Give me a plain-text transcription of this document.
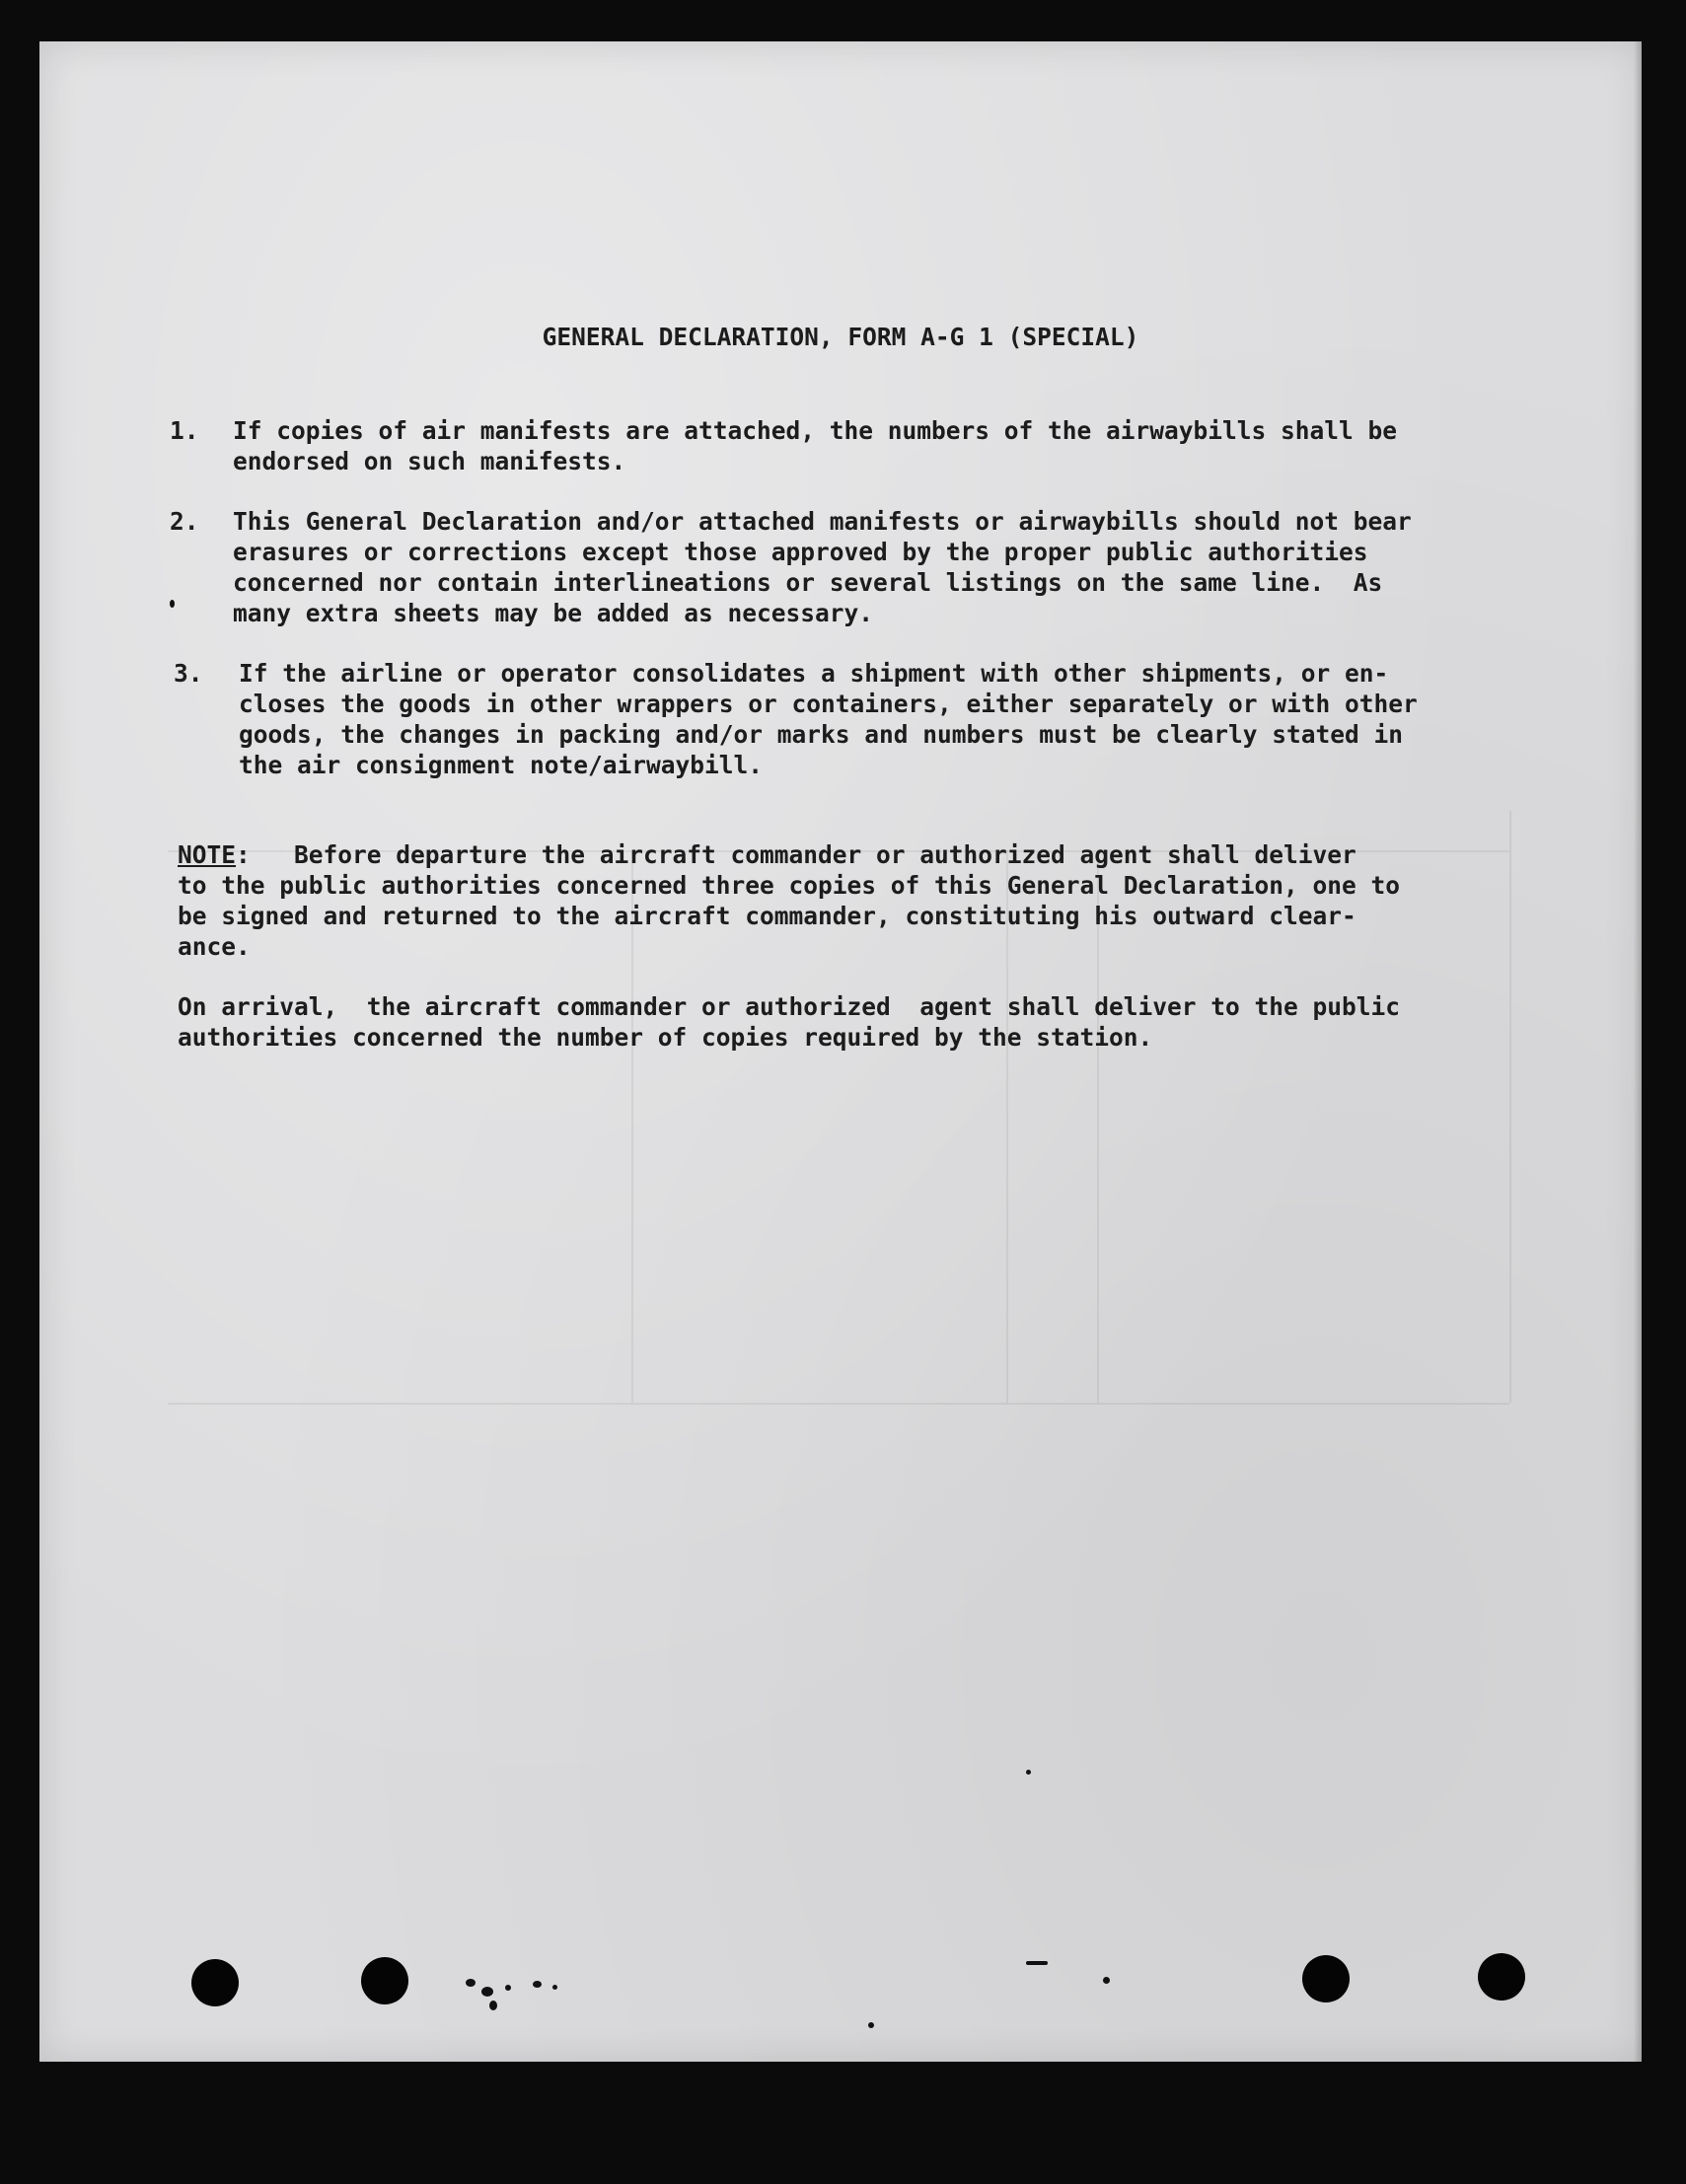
GENERAL DECLARATION, FORM A-G 1 (SPECIAL)
1. If copies of air manifests are attached, the numbers of the airwaybills shall be
endorsed on such manifests.
2. This General Declaration and/or attached manifests or airwaybills should not bear
erasures or corrections except those approved by the proper public authorities
concerned nor contain interlineations or several listings on the same line.  As
many extra sheets may be added as necessary.
3. If the airline or operator consolidates a shipment with other shipments, or en-
closes the goods in other wrappers or containers, either separately or with other
goods, the changes in packing and/or marks and numbers must be clearly stated in
the air consignment note/airwaybill.
NOTE:   Before departure the aircraft commander or authorized agent shall deliver
to the public authorities concerned three copies of this General Declaration, one to
be signed and returned to the aircraft commander, constituting his outward clear-
ance.
On arrival,  the aircraft commander or authorized  agent shall deliver to the public
authorities concerned the number of copies required by the station.
